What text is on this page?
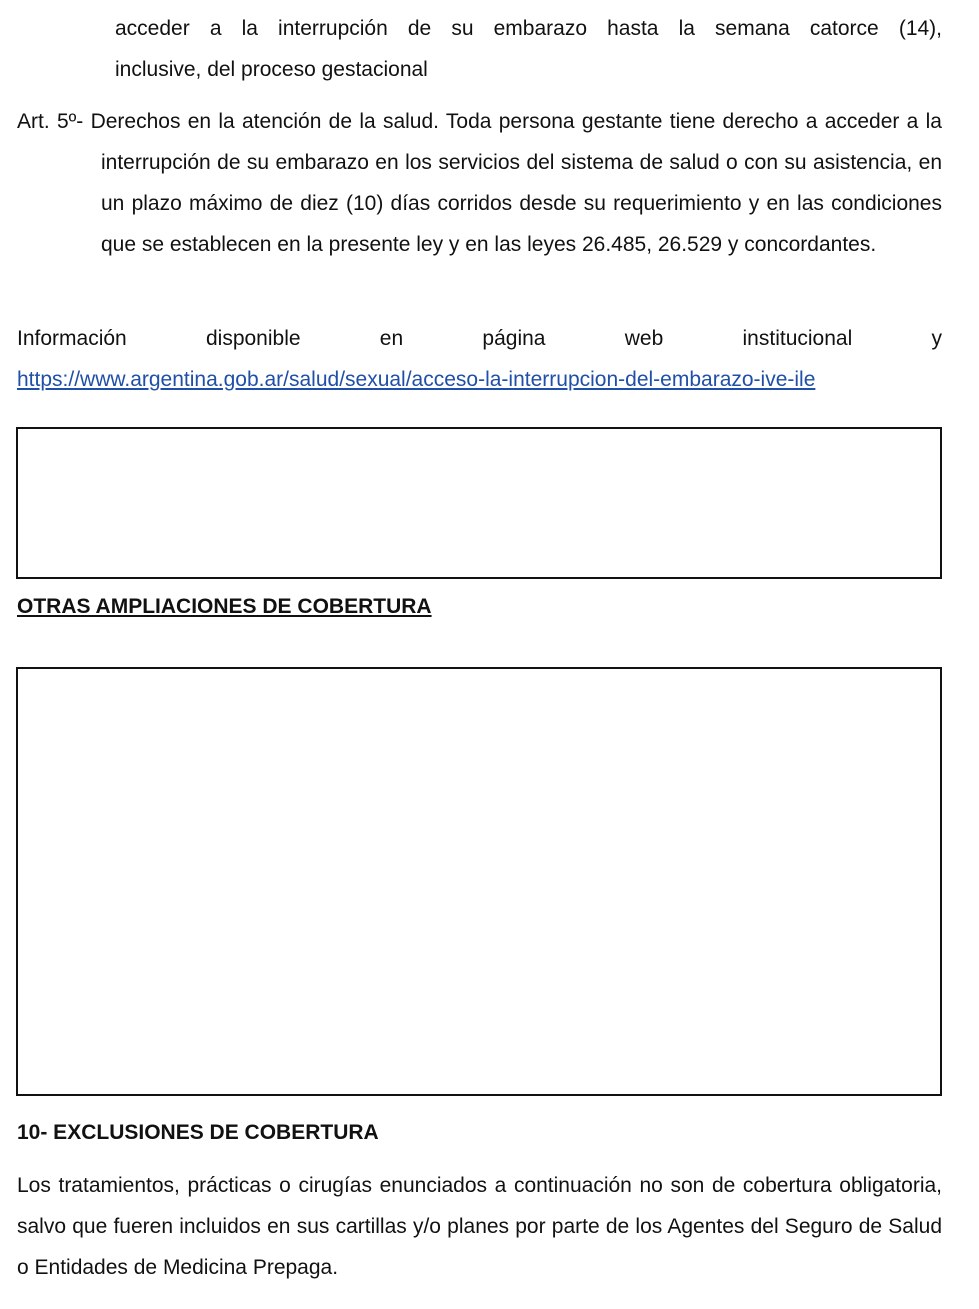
acceder a la interrupción de su embarazo hasta la semana catorce (14),

inclusive, del proceso gestacional

Art. 5º- Derechos en la atención de la salud. Toda persona gestante tiene derecho a acceder a la interrupción de su embarazo en los servicios del sistema de salud o con su asistencia, en un plazo máximo de diez (10) días corridos desde su requerimiento y en las condiciones que se establecen en la presente ley y en las leyes 26.485, 26.529 y concordantes.

Información disponible en página web institucional y

https://www.argentina.gob.ar/salud/sexual/acceso-la-interrupcion-del-embarazo-ive-ile

OTRAS AMPLIACIONES DE COBERTURA

10- EXCLUSIONES DE COBERTURA

Los tratamientos, prácticas o cirugías enunciados a continuación no son de cobertura obligatoria, salvo que fueren incluidos en sus cartillas y/o planes por parte de los Agentes del Seguro de Salud o Entidades de Medicina Prepaga.
